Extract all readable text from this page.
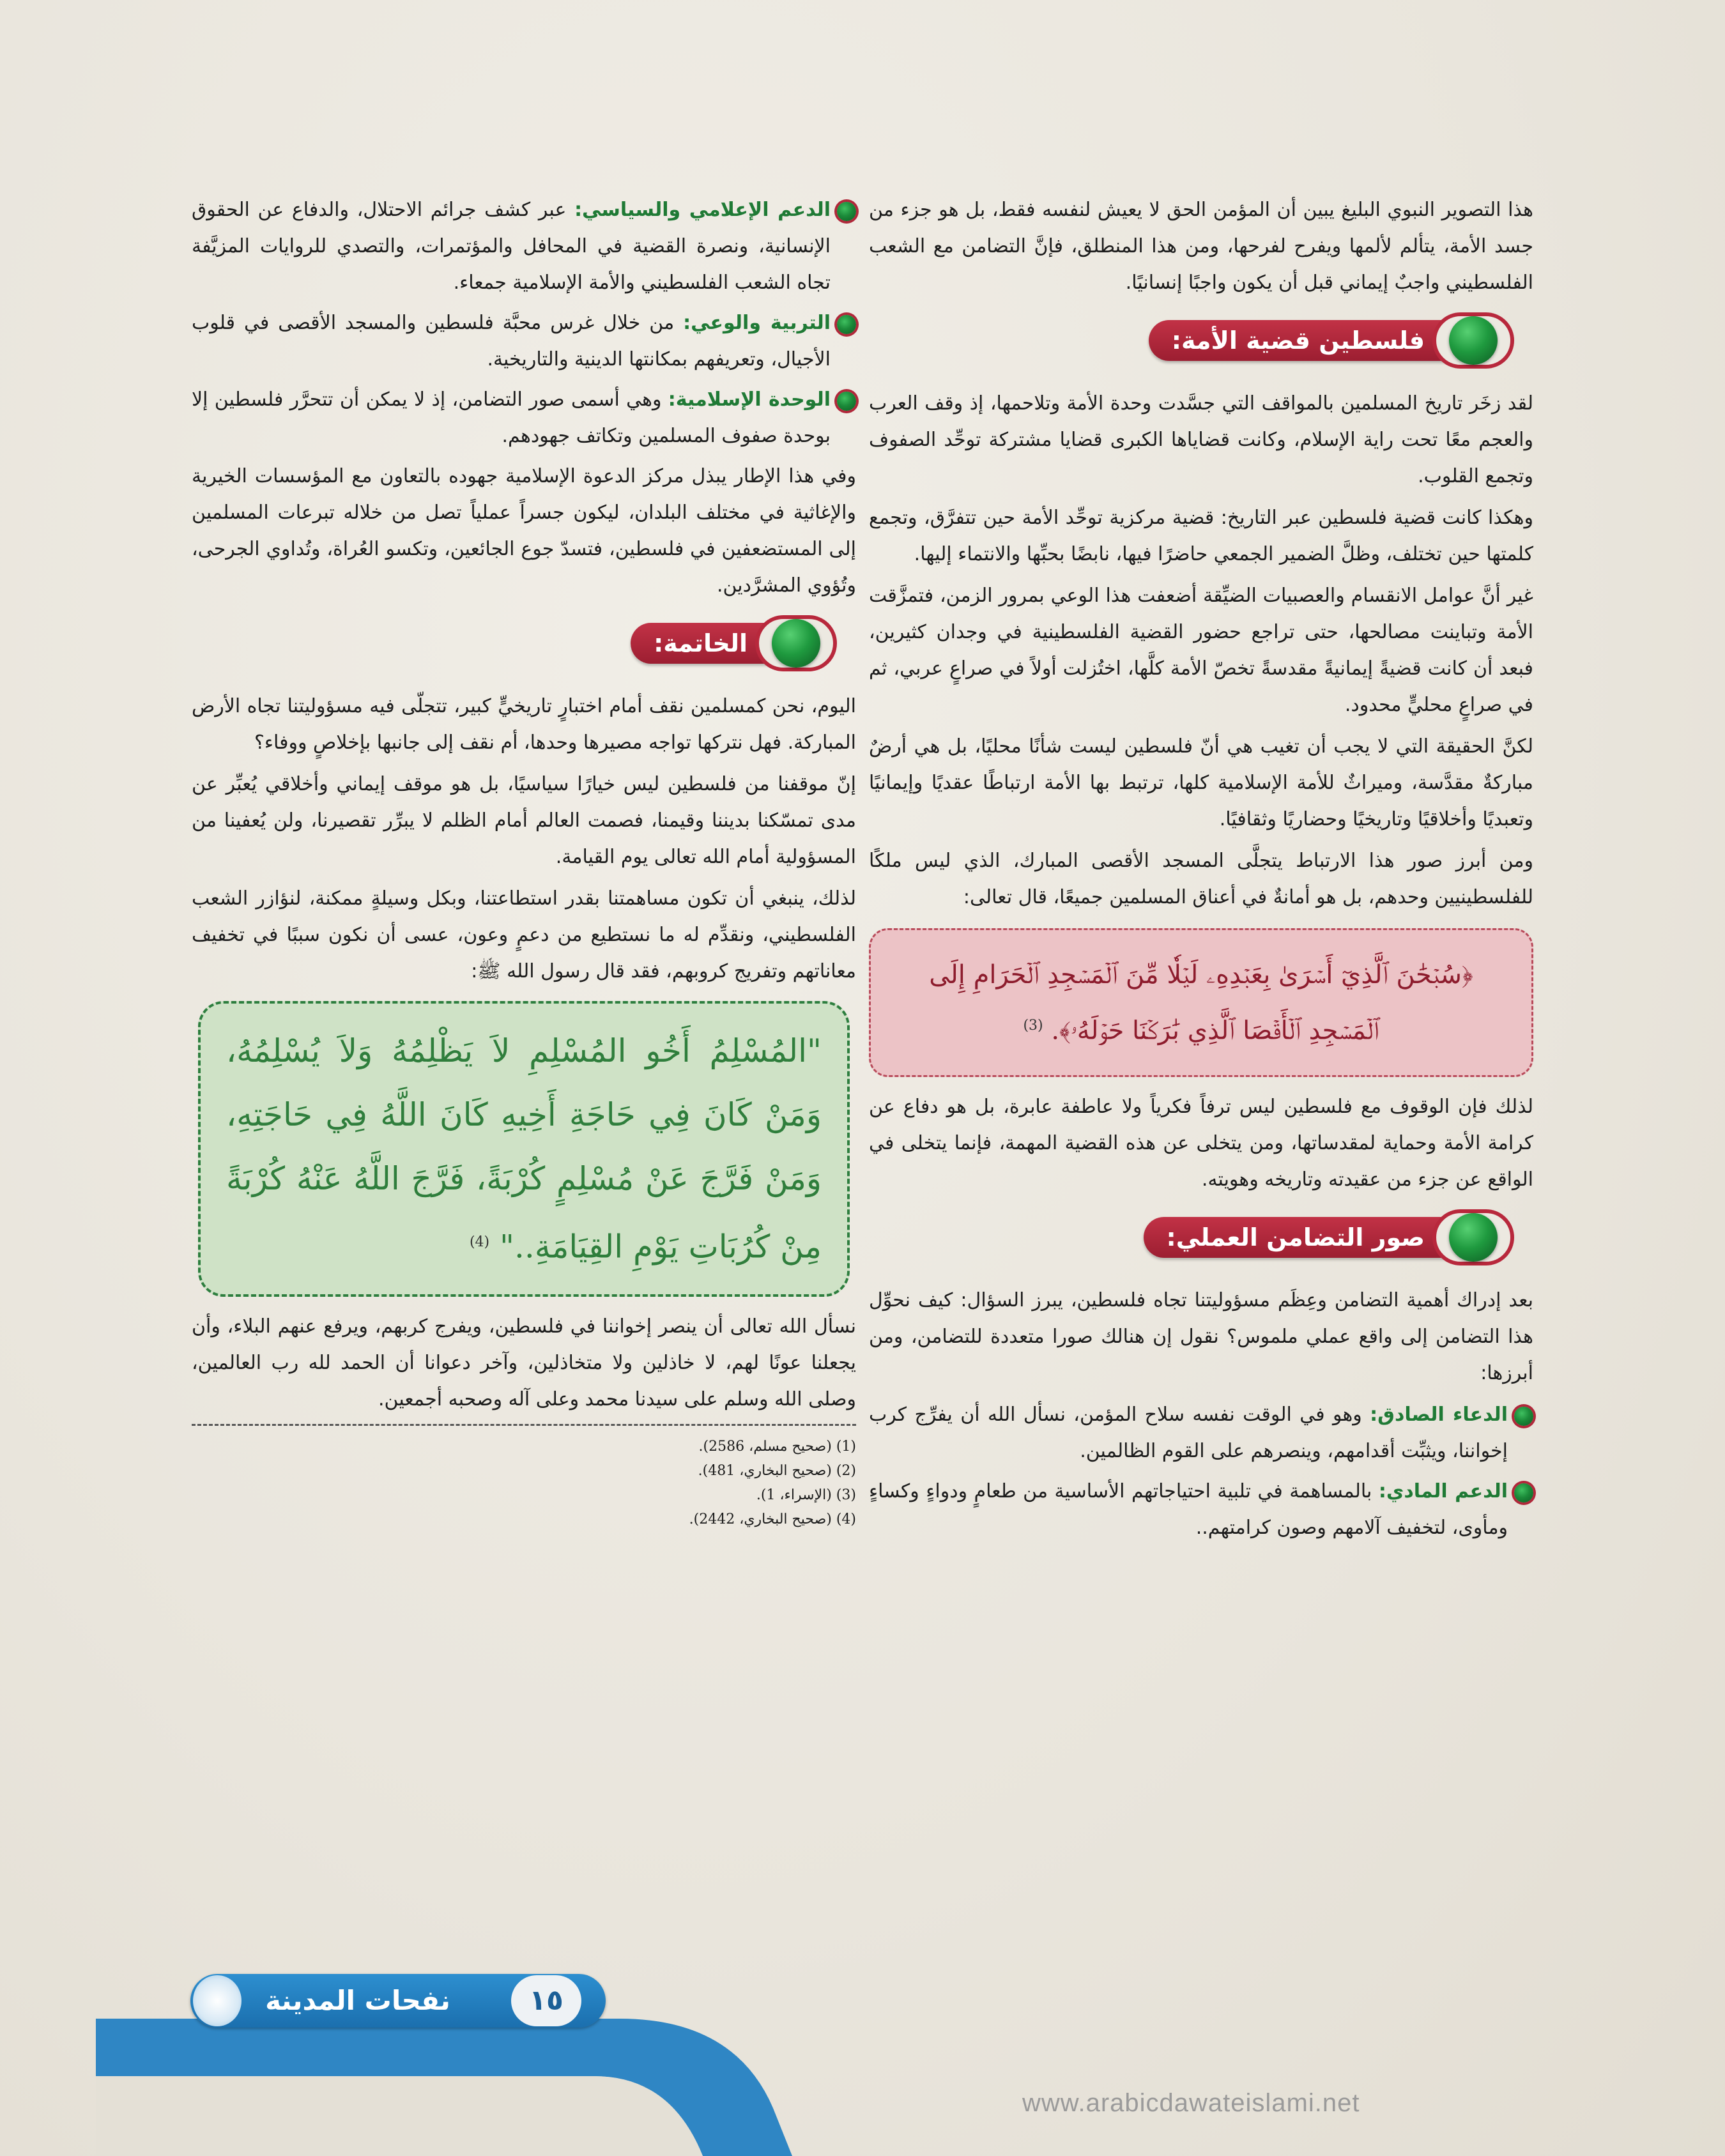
هذا التصوير النبوي البليغ يبين أن المؤمن الحق لا يعيش لنفسه فقط، بل هو جزء من جسد الأمة، يتألم لألمها ويفرح لفرحها، ومن هذا المنطلق، فإنَّ التضامن مع الشعب الفلسطيني واجبٌ إيماني قبل أن يكون واجبًا إنسانيًا.

فلسطين قضية الأمة:

لقد زخَر تاريخ المسلمين بالمواقف التي جسَّدت وحدة الأمة وتلاحمها، إذ وقف العرب والعجم معًا تحت راية الإسلام، وكانت قضاياها الكبرى قضايا مشتركة توحِّد الصفوف وتجمع القلوب.

وهكذا كانت قضية فلسطين عبر التاريخ: قضية مركزية توحِّد الأمة حين تتفرَّق، وتجمع كلمتها حين تختلف، وظلَّ الضمير الجمعي حاضرًا فيها، نابضًا بحبِّها والانتماء إليها.

غير أنَّ عوامل الانقسام والعصبيات الضيِّقة أضعفت هذا الوعي بمرور الزمن، فتمزَّقت الأمة وتباينت مصالحها، حتى تراجع حضور القضية الفلسطينية في وجدان كثيرين، فبعد أن كانت قضيةً إيمانيةً مقدسةً تخصّ الأمة كلَّها، اختُزلت أولاً في صراعٍ عربي، ثم في صراعٍ محليٍّ محدود.

لكنَّ الحقيقة التي لا يجب أن تغيب هي أنّ فلسطين ليست شأنًا محليًا، بل هي أرضٌ مباركةٌ مقدَّسة، وميراثٌ للأمة الإسلامية كلها، ترتبط بها الأمة ارتباطًا عقديًا وإيمانيًا وتعبديًا وأخلاقيًا وتاريخيًا وحضاريًا وثقافيًا.

ومن أبرز صور هذا الارتباط يتجلَّى المسجد الأقصى المبارك، الذي ليس ملكًا للفلسطينيين وحدهم، بل هو أمانةٌ في أعناق المسلمين جميعًا، قال تعالى:

﴿سُبۡحَٰنَ ٱلَّذِيٓ أَسۡرَىٰ بِعَبۡدِهِۦ لَيۡلٗا مِّنَ ٱلۡمَسۡجِدِ ٱلۡحَرَامِ إِلَى ٱلۡمَسۡجِدِ ٱلۡأَقۡصَا ٱلَّذِي بَٰرَكۡنَا حَوۡلَهُۥ﴾. $^{(3)}$

لذلك فإن الوقوف مع فلسطين ليس ترفاً فكرياً ولا عاطفة عابرة، بل هو دفاع عن كرامة الأمة وحماية لمقدساتها، ومن يتخلى عن هذه القضية المهمة، فإنما يتخلى في الواقع عن جزء من عقيدته وتاريخه وهويته.

صور التضامن العملي:

بعد إدراك أهمية التضامن وعِظَم مسؤوليتنا تجاه فلسطين، يبرز السؤال: كيف نحوِّل هذا التضامن إلى واقع عملي ملموس؟ نقول إن هنالك صورا متعددة للتضامن، ومن أبرزها:

الدعاء الصادق: وهو في الوقت نفسه سلاح المؤمن، نسأل الله أن يفرِّج كرب إخواننا، ويثبِّت أقدامهم، وينصرهم على القوم الظالمين.
الدعم المادي: بالمساهمة في تلبية احتياجاتهم الأساسية من طعامٍ ودواءٍ وكساءٍ ومأوى، لتخفيف آلامهم وصون كرامتهم..
الدعم الإعلامي والسياسي: عبر كشف جرائم الاحتلال، والدفاع عن الحقوق الإنسانية، ونصرة القضية في المحافل والمؤتمرات، والتصدي للروايات المزيَّفة تجاه الشعب الفلسطيني والأمة الإسلامية جمعاء.
التربية والوعي: من خلال غرس محبَّة فلسطين والمسجد الأقصى في قلوب الأجيال، وتعريفهم بمكانتها الدينية والتاريخية.
الوحدة الإسلامية: وهي أسمى صور التضامن، إذ لا يمكن أن تتحرَّر فلسطين إلا بوحدة صفوف المسلمين وتكاتف جهودهم.

وفي هذا الإطار يبذل مركز الدعوة الإسلامية جهوده بالتعاون مع المؤسسات الخيرية والإغاثية في مختلف البلدان، ليكون جسراً عملياً تصل من خلاله تبرعات المسلمين إلى المستضعفين في فلسطين، فتسدّ جوع الجائعين، وتكسو العُراة، وتُداوي الجرحى، وتُؤوي المشرَّدين.

الخاتمة:

اليوم، نحن كمسلمين نقف أمام اختبارٍ تاريخيٍّ كبير، تتجلّى فيه مسؤوليتنا تجاه الأرض المباركة. فهل نتركها تواجه مصيرها وحدها، أم نقف إلى جانبها بإخلاصٍ ووفاء؟

إنّ موقفنا من فلسطين ليس خيارًا سياسيًا، بل هو موقف إيماني وأخلاقي يُعبِّر عن مدى تمسّكنا بديننا وقيمنا، فصمت العالم أمام الظلم لا يبرِّر تقصيرنا، ولن يُعفينا من المسؤولية أمام الله تعالى يوم القيامة.

لذلك، ينبغي أن تكون مساهمتنا بقدر استطاعتنا، وبكل وسيلةٍ ممكنة، لنؤازر الشعب الفلسطيني، ونقدِّم له ما نستطيع من دعمٍ وعون، عسى أن نكون سببًا في تخفيف معاناتهم وتفريج كروبهم، فقد قال رسول الله ﷺ:

"المُسْلِمُ أَخُو المُسْلِمِ لاَ يَظْلِمُهُ وَلاَ يُسْلِمُهُ، وَمَنْ كَانَ فِي حَاجَةِ أَخِيهِ كَانَ اللَّهُ فِي حَاجَتِهِ، وَمَنْ فَرَّجَ عَنْ مُسْلِمٍ كُرْبَةً، فَرَّجَ اللَّهُ عَنْهُ كُرْبَةً مِنْ كُرُبَاتِ يَوْمِ القِيَامَةِ.." $^{(4)}$

نسأل الله تعالى أن ينصر إخواننا في فلسطين، ويفرج كربهم، ويرفع عنهم البلاء، وأن يجعلنا عونًا لهم، لا خاذلين ولا متخاذلين، وآخر دعوانا أن الحمد لله رب العالمين، وصلى الله وسلم على سيدنا محمد وعلى آله وصحبه أجمعين.

(1) (صحيح مسلم، 2586).
(2) (صحيح البخاري، 481).
(3) (الإسراء، 1).
(4) (صحيح البخاري، 2442).
نفحات المدينة	١٥
www.arabicdawateislami.net
